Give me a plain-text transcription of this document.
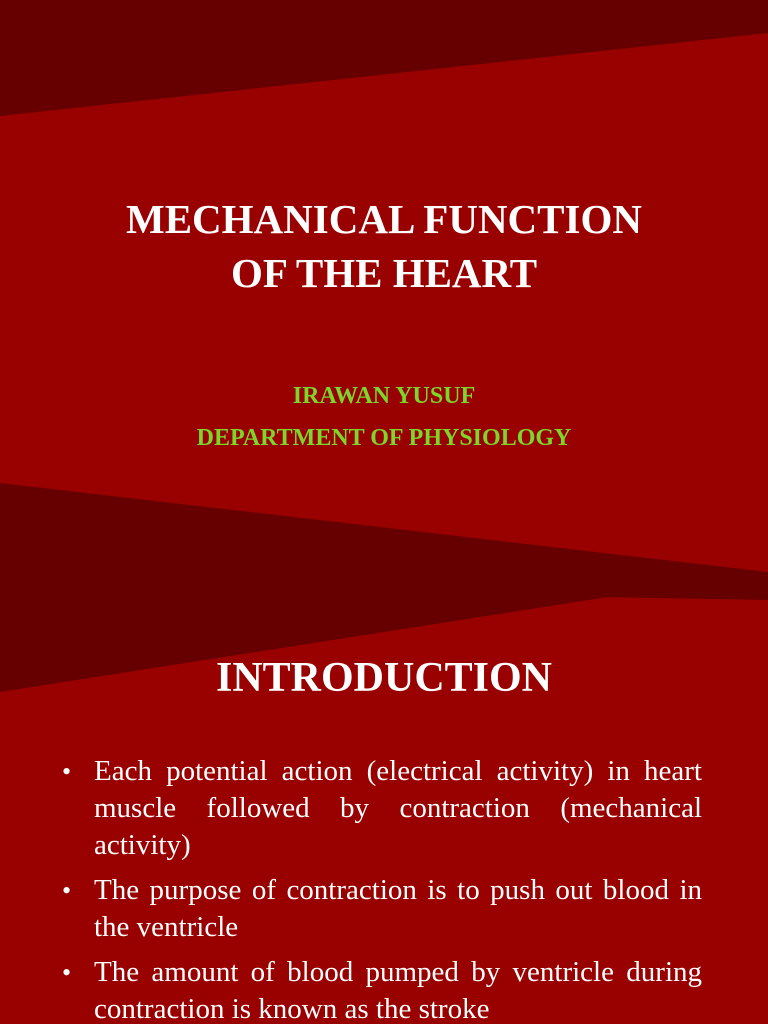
MECHANICAL FUNCTION
OF THE HEART

IRAWAN YUSUF

DEPARTMENT OF PHYSIOLOGY

INTRODUCTION
• Each potential action (electrical activity) in heart muscle followed by contraction (mechanical activity)
• The purpose of contraction is to push out blood in the ventricle
• The amount of blood pumped by ventricle during contraction is known as the stroke
